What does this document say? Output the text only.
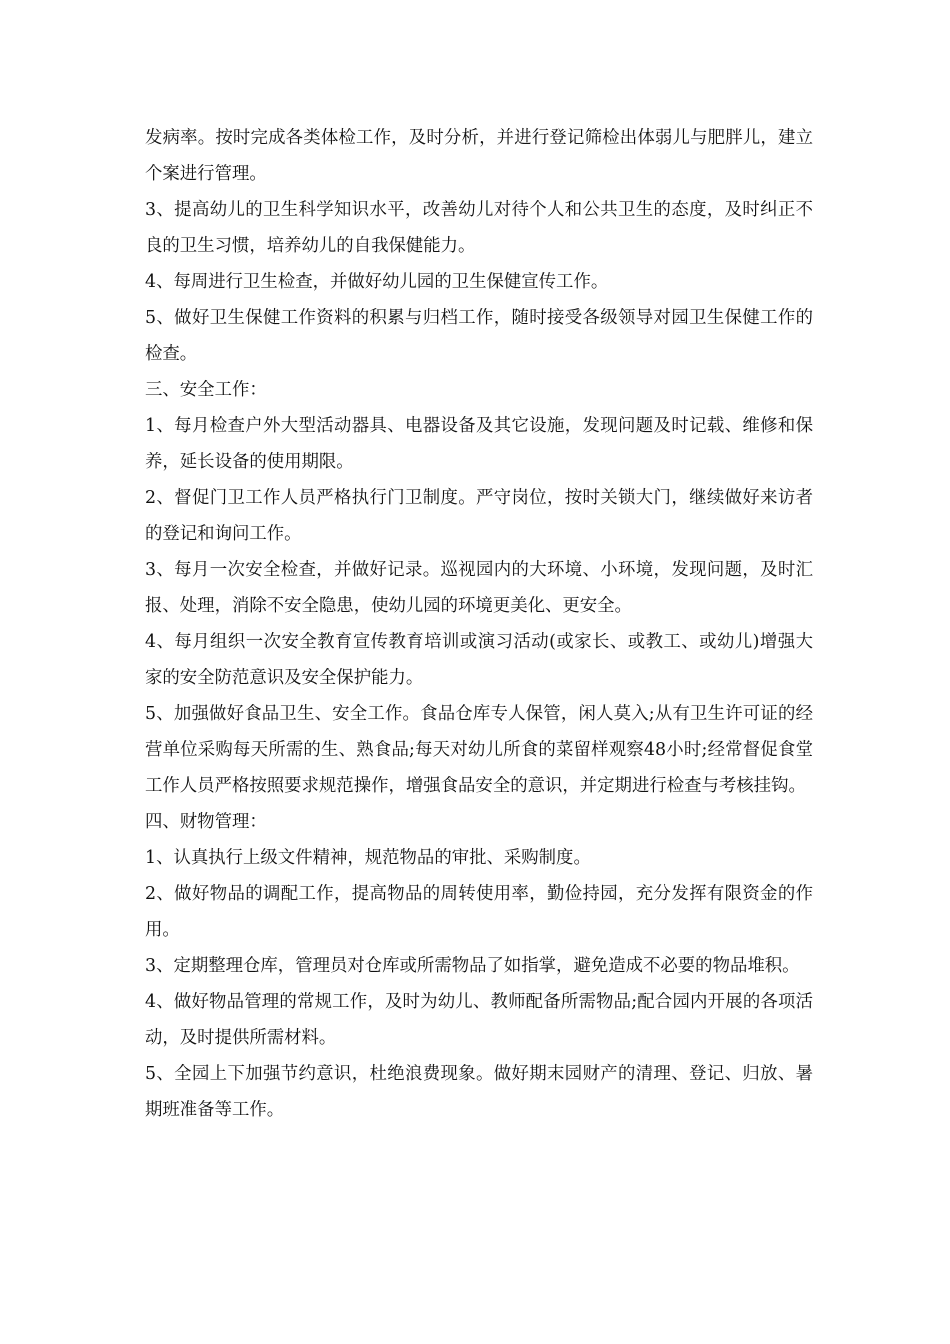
发病率。按时完成各类体检工作，及时分析，并进行登记筛检出体弱儿与肥胖儿，建立个案进行管理。

3、提高幼儿的卫生科学知识水平，改善幼儿对待个人和公共卫生的态度，及时纠正不良的卫生习惯，培养幼儿的自我保健能力。

4、每周进行卫生检查，并做好幼儿园的卫生保健宣传工作。

5、做好卫生保健工作资料的积累与归档工作，随时接受各级领导对园卫生保健工作的检查。

三、安全工作：

1、每月检查户外大型活动器具、电器设备及其它设施，发现问题及时记载、维修和保养，延长设备的使用期限。

2、督促门卫工作人员严格执行门卫制度。严守岗位，按时关锁大门，继续做好来访者的登记和询问工作。

3、每月一次安全检查，并做好记录。巡视园内的大环境、小环境，发现问题，及时汇报、处理，消除不安全隐患，使幼儿园的环境更美化、更安全。

4、每月组织一次安全教育宣传教育培训或演习活动(或家长、或教工、或幼儿)增强大家的安全防范意识及安全保护能力。

5、加强做好食品卫生、安全工作。食品仓库专人保管，闲人莫入;从有卫生许可证的经营单位采购每天所需的生、熟食品;每天对幼儿所食的菜留样观察48小时;经常督促食堂工作人员严格按照要求规范操作，增强食品安全的意识，并定期进行检查与考核挂钩。

四、财物管理：

1、认真执行上级文件精神，规范物品的审批、采购制度。

2、做好物品的调配工作，提高物品的周转使用率，勤俭持园，充分发挥有限资金的作用。

3、定期整理仓库，管理员对仓库或所需物品了如指掌，避免造成不必要的物品堆积。

4、做好物品管理的常规工作，及时为幼儿、教师配备所需物品;配合园内开展的各项活动，及时提供所需材料。

5、全园上下加强节约意识，杜绝浪费现象。做好期末园财产的清理、登记、归放、暑期班准备等工作。
